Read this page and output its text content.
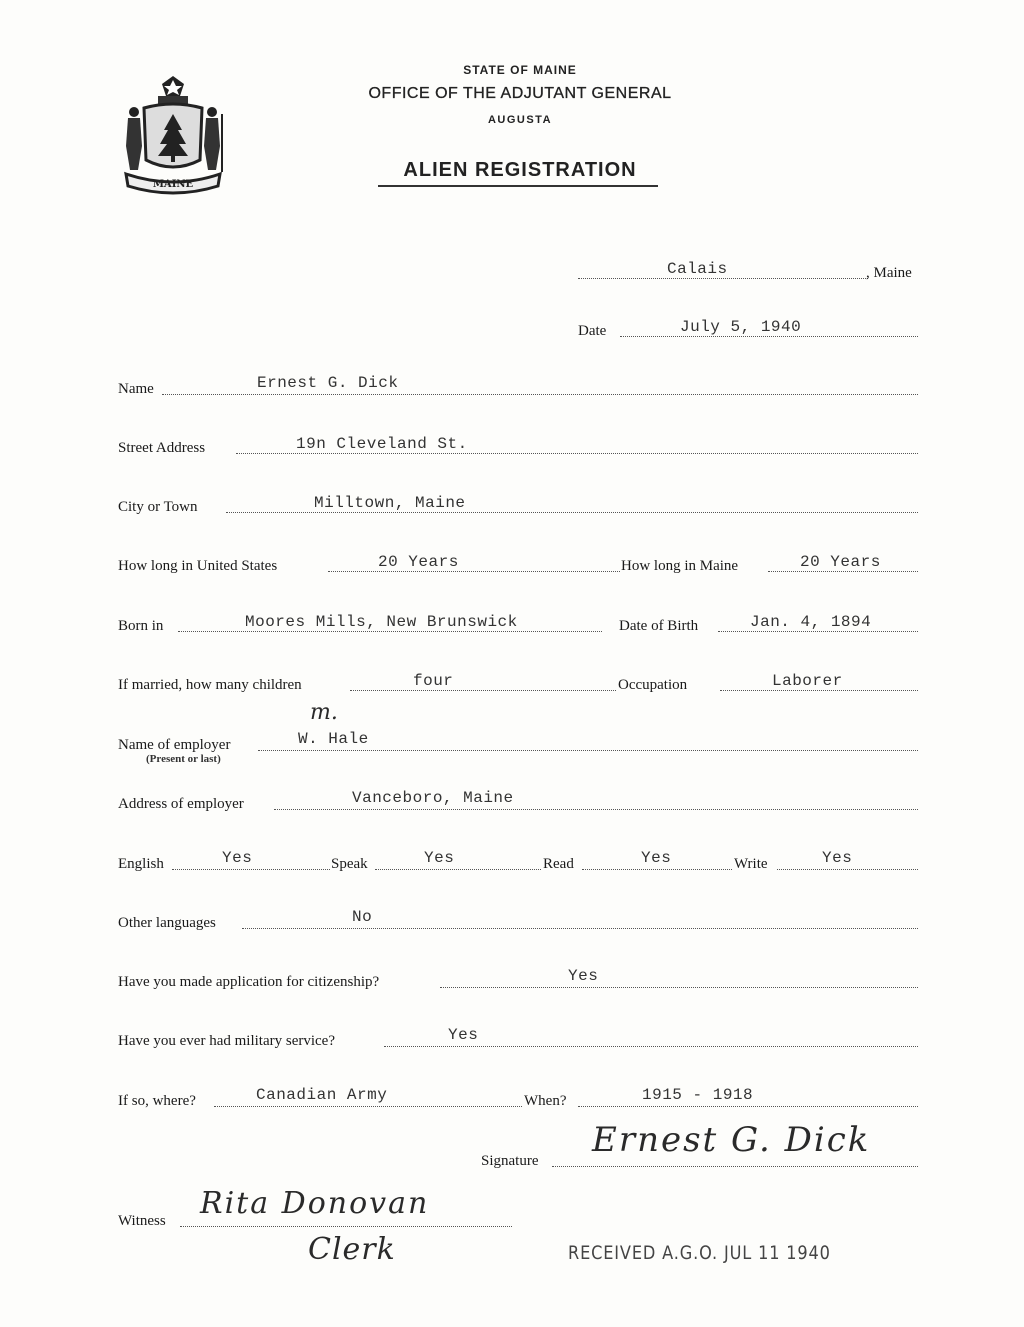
MAINE
STATE OF MAINE
OFFICE OF THE ADJUTANT GENERAL
AUGUSTA
ALIEN REGISTRATION
Calais	, Maine
Date	July 5, 1940
Name	Ernest G. Dick
Street Address	19n Cleveland St.
City or Town	Milltown, Maine
How long in United States	20 Years	How long in Maine	20 Years
Born in	Moores Mills, New Brunswick	Date of Birth	Jan. 4, 1894
If married, how many children	four	Occupation	Laborer
m.
Name of employer	W. Hale
(Present or last)
Address of employer	Vanceboro, Maine
English	Yes	Speak	Yes	Read	Yes	Write	Yes
Other languages	No
Have you made application for citizenship?	Yes
Have you ever had military service?	Yes
If so, where?	Canadian Army	When?	1915 - 1918
Signature
Ernest G. Dick
Witness Rita Donovan
Clerk	RECEIVED A.G.O. JUL 11 1940
